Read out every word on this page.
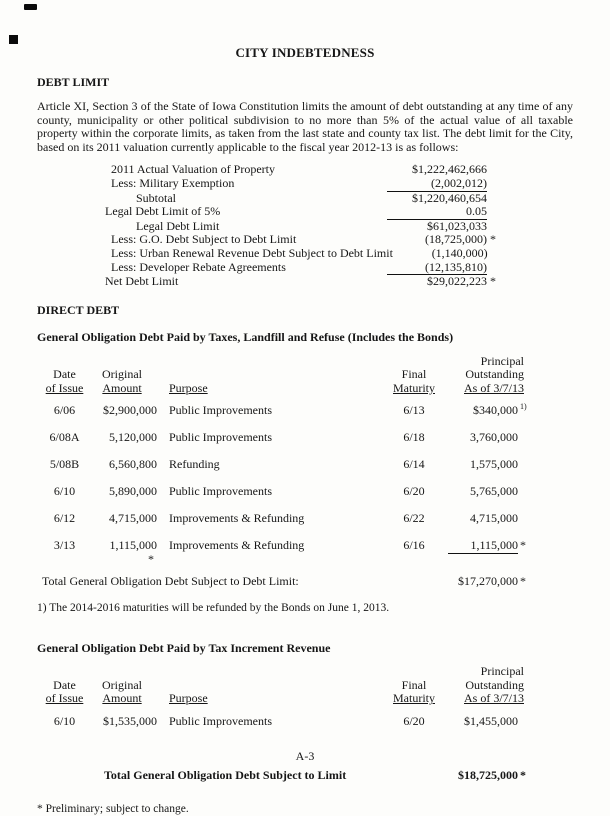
CITY INDEBTEDNESS
DEBT LIMIT
Article XI, Section 3 of the State of Iowa Constitution limits the amount of debt outstanding at any time of any county, municipality or other political subdivision to no more than 5% of the actual value of all taxable property within the corporate limits, as taken from the last state and county tax list. The debt limit for the City, based on its 2011 valuation currently applicable to the fiscal year 2012-13 is as follows:
2011 Actual Valuation of Property	$1,222,462,666
Less: Military Exemption	(2,002,012)
Subtotal	$1,220,460,654
Legal Debt Limit of 5%	0.05
Legal Debt Limit	$61,023,033
Less: G.O. Debt Subject to Debt Limit	(18,725,000) *
Less: Urban Renewal Revenue Debt Subject to Debt Limit	(1,140,000)
Less: Developer Rebate Agreements	(12,135,810)
Net Debt Limit	$29,022,223 *
DIRECT DEBT
General Obligation Debt Paid by Taxes, Landfill and Refuse (Includes the Bonds)
				Principal
Date	Original		Final	Outstanding
of Issue	Amount	Purpose	Maturity	As of 3/7/13
6/06	$2,900,000	Public Improvements	6/13	$340,000 $^{1)}$
6/08A	5,120,000	Public Improvements	6/18	3,760,000
5/08B	6,560,800	Refunding	6/14	1,575,000
6/10	5,890,000	Public Improvements	6/20	5,765,000
6/12	4,715,000	Improvements & Refunding	6/22	4,715,000
3/13	1,115,000*	Improvements & Refunding	6/16	1,115,000 *
Total General Obligation Debt Subject to Debt Limit:	$17,270,000 *
1) The 2014-2016 maturities will be refunded by the Bonds on June 1, 2013.
General Obligation Debt Paid by Tax Increment Revenue
				Principal
Date	Original		Final	Outstanding
of Issue	Amount	Purpose	Maturity	As of 3/7/13
6/10	$1,535,000	Public Improvements	6/20	$1,455,000
Total General Obligation Debt Subject to Limit	$18,725,000 *
* Preliminary; subject to change.
A-3
